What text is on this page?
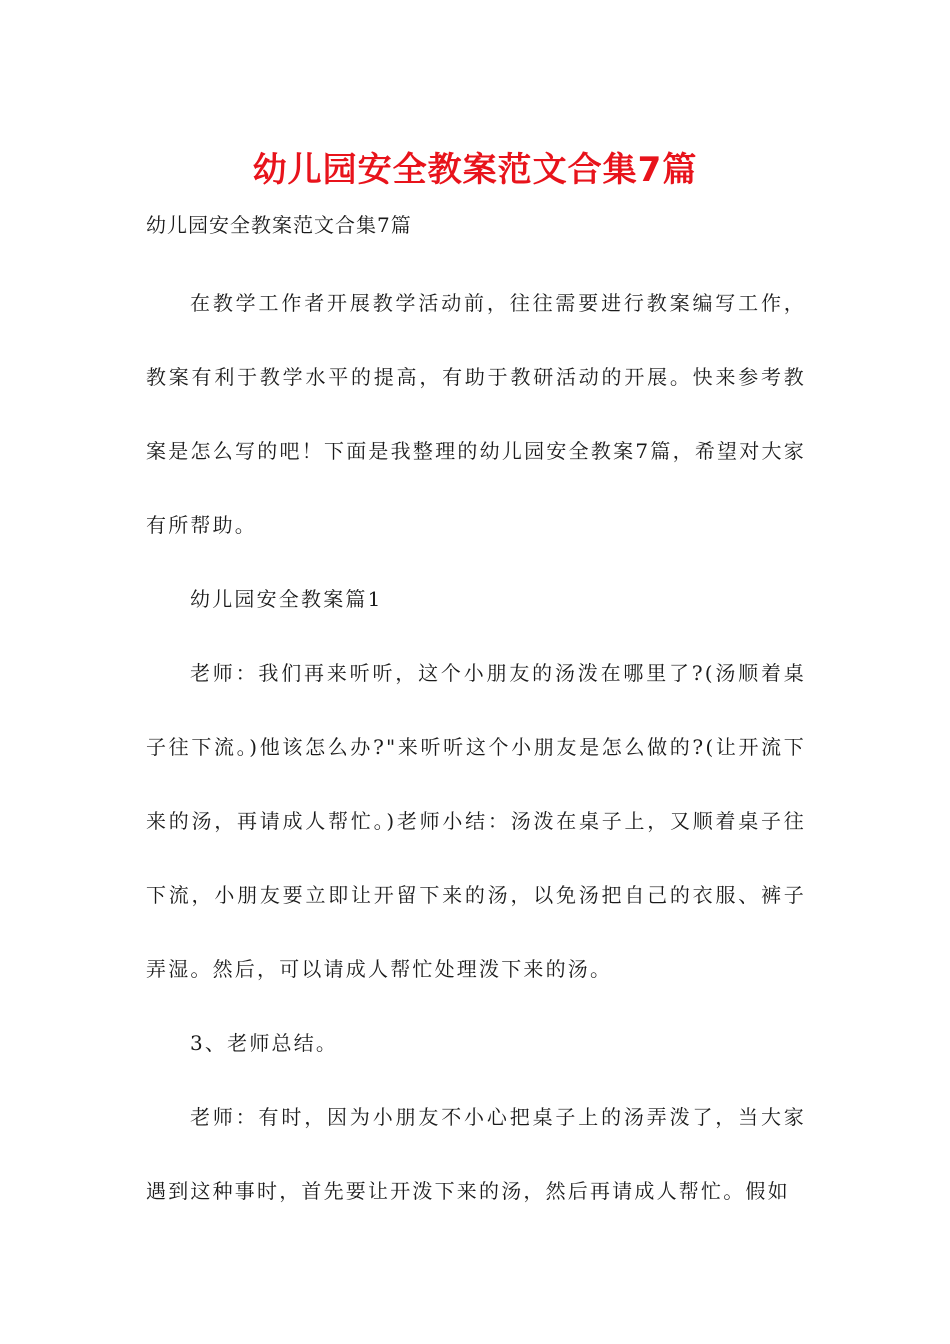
幼儿园安全教案范文合集7篇

幼儿园安全教案范文合集7篇

在教学工作者开展教学活动前，往往需要进行教案编写工作，教案有利于教学水平的提高，有助于教研活动的开展。快来参考教案是怎么写的吧！下面是我整理的幼儿园安全教案7篇，希望对大家有所帮助。

幼儿园安全教案篇1

老师：我们再来听听，这个小朋友的汤泼在哪里了?(汤顺着桌子往下流。)他该怎么办?"来听听这个小朋友是怎么做的?(让开流下来的汤，再请成人帮忙。)老师小结：汤泼在桌子上，又顺着桌子往下流，小朋友要立即让开留下来的汤，以免汤把自己的衣服、裤子弄湿。然后，可以请成人帮忙处理泼下来的汤。

3、老师总结。

老师：有时，因为小朋友不小心把桌子上的汤弄泼了，当大家遇到这种事时，首先要让开泼下来的汤，然后再请成人帮忙。假如
